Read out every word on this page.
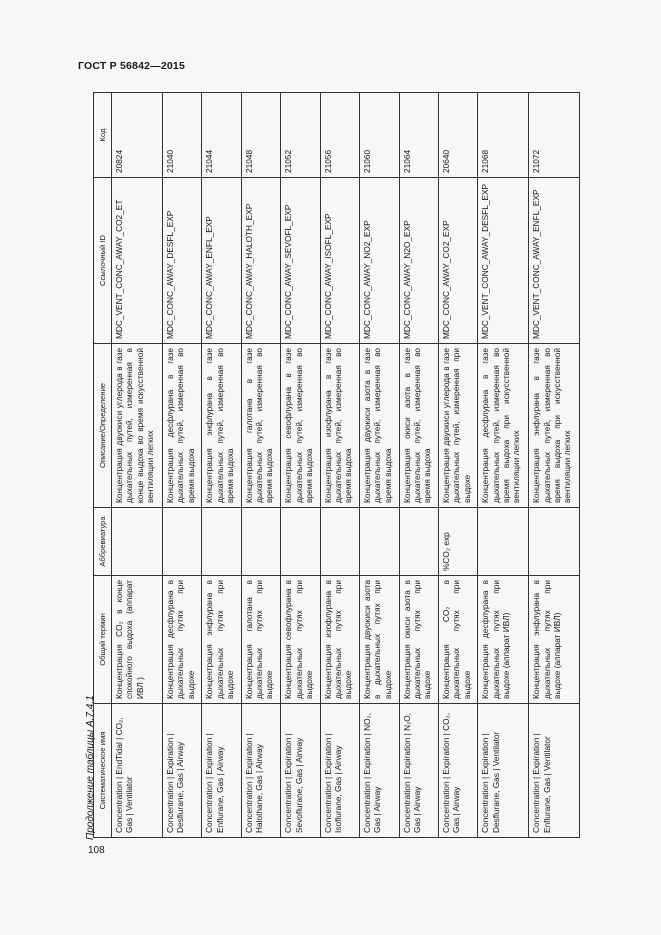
ГОСТ Р 56842—2015
108
Продолжение таблицы А.7.4.1 Систематическое имя	Общий термин	Аббревиатура	Описание/Определение	Ссылочный ID	Код
Concentration | EndTidal | CO₂, Gas | Ventilator	Концентрация CO₂ в конце спокойного выдоха (аппарат ИВЛ )		Концентрация двуокиси углерода в газе дыхательных путей, измеренная в конце выдоха во время искусственной вентиляции легких	MDC_VENT_CONC_AWAY_CO2_ET	20824
Concentration | Expiration | Desflurane, Gas | Airway	Концентрация десфлурана в дыхательных путях при выдохе		Концентрация десфлурана в газе дыхательных путей, измеренная во время выдоха	MDC_CONC_AWAY_DESFL_EXP	21040
Concentration | Expiration | Enflurane, Gas | Airway	Концентрация энфлурана в дыхательных путях при выдохе		Концентрация энфлурана в газе дыхательных путей, измеренная во время выдоха	MDC_CONC_AWAY_ENFL_EXP	21044
Concentration | Expiration | Halothane, Gas | Airway	Концентрация галотана в дыхательных путях при выдохе		Концентрация галотана в газе дыхательных путей, измеренная во время выдоха	MDC_CONC_AWAY_HALOTH_EXP	21048
Concentration | Expiration | Sevoflurane, Gas | Airway	Концентрация севофлурана в дыхательных путях при выдохе		Концентрация севофлурана в газе дыхательных путей, измеренная во время выдоха	MDC_CONC_AWAY_SEVOFL_EXP	21052
Concentration | Expiration | Isoflurane, Gas | Airway	Концентрация изофлурана в дыхательных путях при выдохе		Концентрация изофлурана в газе дыхательных путей, измеренная во время выдоха	MDC_CONC_AWAY_ISOFL_EXP	21056
Concentration | Expiration | NO₂, Gas | Airway	Концентрация двуокиси азота в дыхательных путях при выдохе		Концентрация двуокиси азота в газе дыхательных путей, измеренная во время выдоха	MDC_CONC_AWAY_NO2_EXP	21060
Concentration | Expiration | N₂O, Gas | Airway	Концентрация окиси азота в дыхательных путях при выдохе		Концентрация окиси азота в газе дыхательных путей, измеренная во время выдоха	MDC_CONC_AWAY_N2O_EXP	21064
Concentration | Expiration | CO₂, Gas | Airway	Концентрация CO₂ в дыхательных путях при выдохе	%CO₂ exp	Концентрация двуокиси углерода в газе дыхательных путей, измеренная при выдохе	MDC_CONC_AWAY_CO2_EXP	20640
Concentration | Expiration | Desflurane, Gas | Ventilator	Концентрация десфлурана в дыхательных путях при выдохе (аппарат ИВЛ)		Концентрация десфлурана в газе дыхательных путей, измеренная во время выдоха при искусственной вентиляции легких	MDC_VENT_CONC_AWAY_DESFL_EXP	21068
Concentration | Expiration | Enflurane, Gas | Ventilator	Концентрация энфлурана в дыхательных путях при выдохе (аппарат ИВЛ)		Концентрация энфлурана в газе дыхательных путей, измеренная во время выдоха при искусственной вентиляции легких	MDC_VENT_CONC_AWAY_ENFL_EXP	21072
